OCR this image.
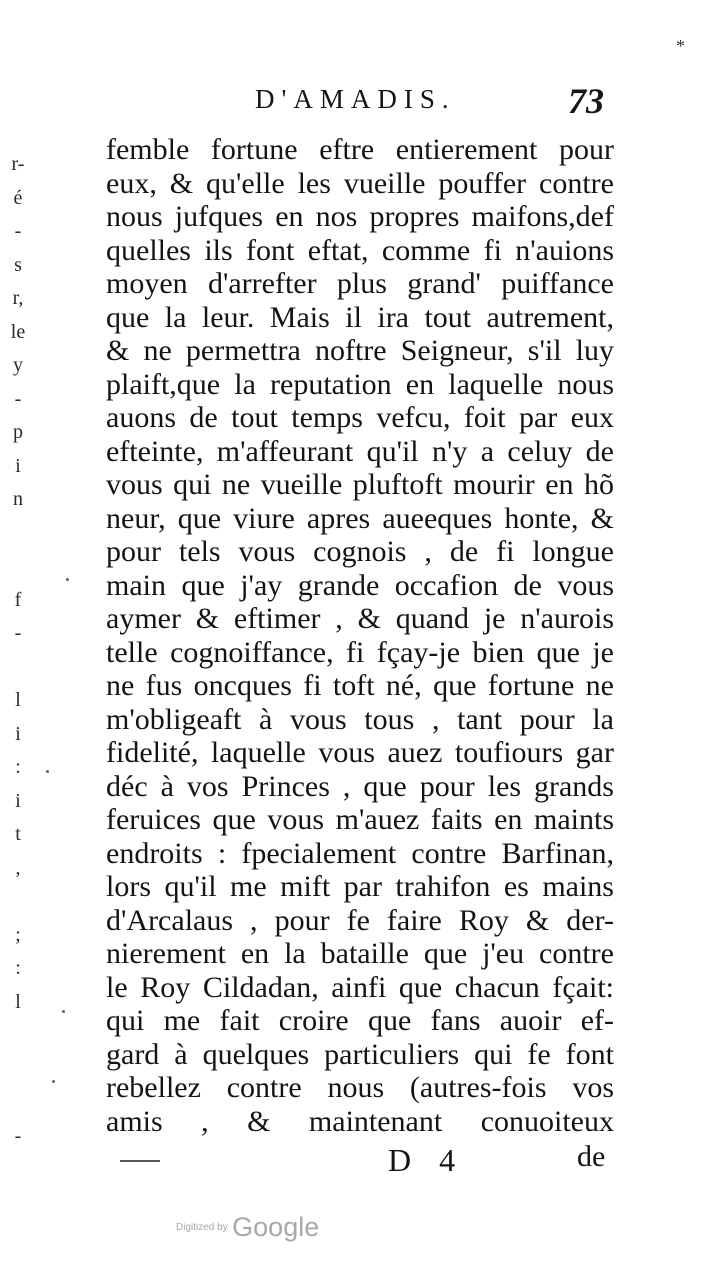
*
D'AMADIS.	73
r-
é
-
s
r,
le
y
-
p
i
n
f
-
l
i
:
i
t
,
;
:
l
-
femble fortune eftre entierement pour
eux, & qu'elle les vueille pouffer contre
nous jufques en nos propres maifons,def
quelles ils font eftat, comme fi n'auions
moyen d'arrefter plus grand' puiffance
que la leur. Mais il ira tout autrement,
& ne permettra noftre Seigneur, s'il luy
plaift,que la reputation en laquelle nous
auons de tout temps vefcu, foit par eux
efteinte, m'affeurant qu'il n'y a celuy de
vous qui ne vueille pluftoft mourir en hõ
neur, que viure apres aueeques honte, &
pour tels vous cognois , de fi longue
main que j'ay grande occafion de vous
aymer & eftimer , & quand je n'aurois
telle cognoiffance, fi fçay-je bien que je
ne fus oncques fi toft né, que fortune ne
m'obligeaft à vous tous , tant pour la
fidelité, laquelle vous auez toufiours gar
déc à vos Princes , que pour les grands
feruices que vous m'auez faits en maints
endroits : fpecialement contre Barfinan,
lors qu'il me mift par trahifon es mains
d'Arcalaus , pour fe faire Roy & der-
nierement en la bataille que j'eu contre
le Roy Cildadan, ainfi que chacun fçait:
qui me fait croire que fans auoir ef-
gard à quelques particuliers qui fe font
rebellez contre nous (autres-fois vos
amis , & maintenant conuoiteux
D 4	de
Digitized by Google
